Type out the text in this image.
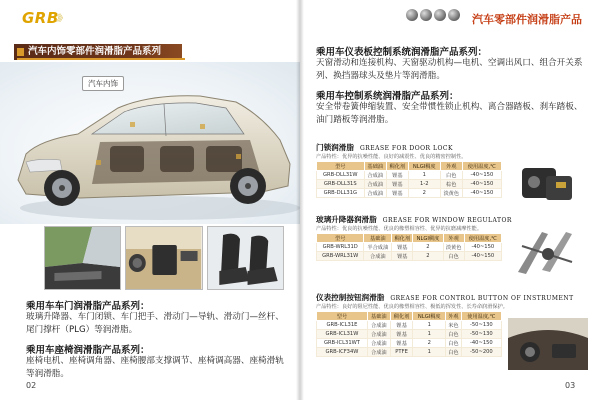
GRB
》》
汽车内饰零部件润滑脂产品系列
汽车内饰
乘用车车门润滑脂产品系列：
玻璃升降器、车门闭锁、车门把手、滑动门—导轨、滑动门—丝杆、尾门撑杆（PLG）等润滑脂。
乘用车座椅润滑脂产品系列：
座椅电机、座椅调角器、座椅腰部支撑调节、座椅调高器、座椅滑轨等润滑脂。
02
汽车零部件润滑脂产品
乘用车仪表板控制系统润滑脂产品系列：
天窗滑动和连接机构、天窗驱动机构—电机、空调出风口、组合开关系列、换挡器球头及垫片等润滑脂。
乘用车控制系统润滑脂产品系列：
安全带卷簧伸缩装置、安全带惯性锁止机构、离合器踏板、刹车踏板、油门踏板等润滑脂。
门锁润滑脂 GREASE FOR DOOR LOCK
产品特性：优异的抗噪性能、良好的减震性、优良的精密控制性。
型号	基础油	稠化剂	NLGI稠度	外观	使用温度,℃
GRB-DLL31W	合成油	锂基	1	白色	-40~150
GRB-DLL31S	合成油	锂基	1-2	棕色	-40~150
GRB-DLL31G	合成油	锂基	2	淡黄色	-40~150
玻璃升降器润滑脂 GREASE FOR WINDOW REGULATOR
产品特性：优良的抗噪性能、优良的橡塑相容性、优异的抗磨减摩性能。
型号	基础油	稠化剂	NLGI稠度	外观	使用温度,℃
GRB-WRL31D	半合成油	锂基	2	淡黄色	-40~150
GRB-WRL31W	合成油	锂基	2	白色	-40~150
仪表控制按钮润滑脂 GREASE FOR CONTROL BUTTON OF INSTRUMENT
产品特性：良好的阻尼性能、优良的橡塑相容性、极低的挥发性、长寿命润滑保护。
型号	基础油	稠化剂	NLGI稠度	外观	使用温度,℃
GRB-ICL31E	合成油	锂基	1	米色	-50~130
GRB-ICL31W	合成油	锂基	1	白色	-50~130
GRB-ICL31WT	合成油	锂基	2	白色	-40~150
GRB-ICF34W	合成油	PTFE	1	白色	-50~200
03
